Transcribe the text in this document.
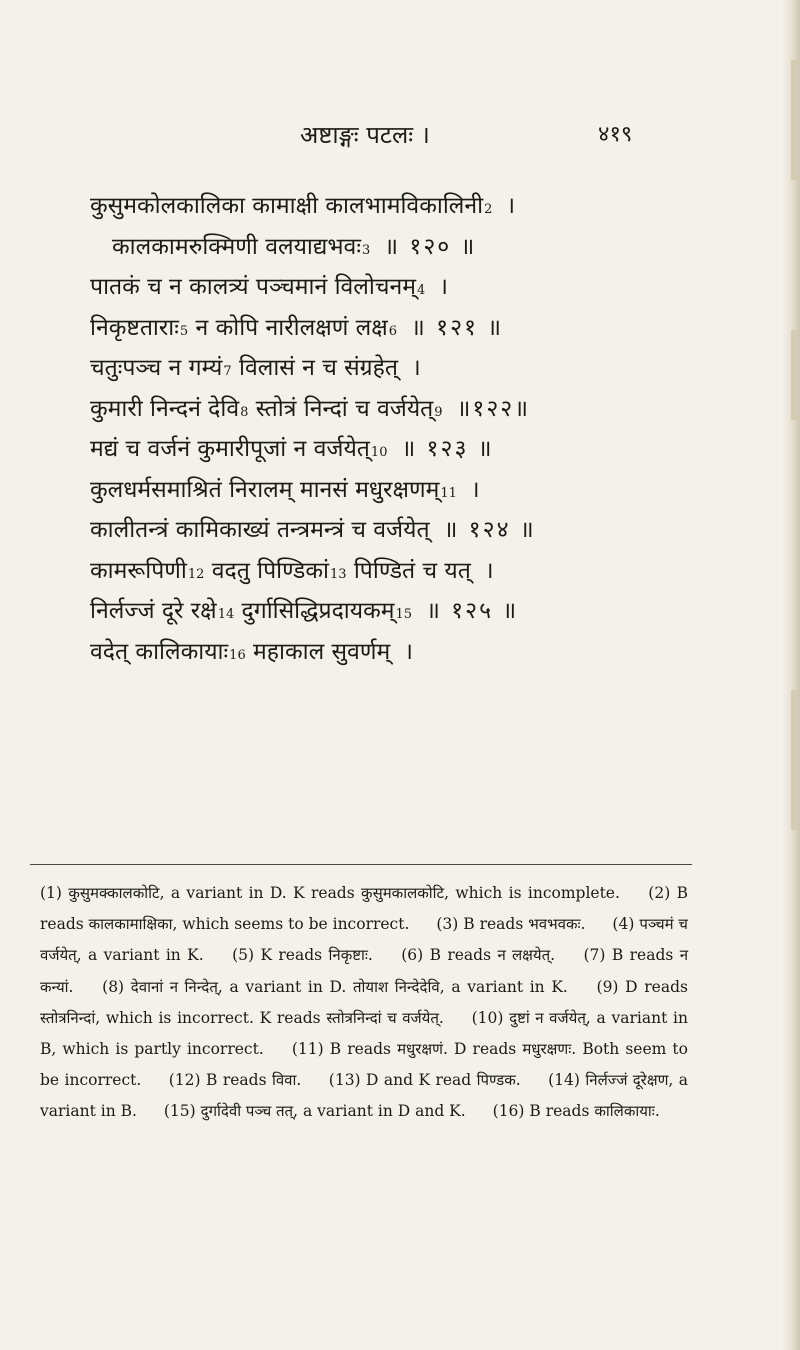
अष्टाङ्गः पटलः ।	४१९
कुसुमकोलकालिका कामाक्षी कालभामविकालिनी 2 ।
कालकामरुक्मिणी वलयाद्यभवः 3 ॥ १२० ॥
पातकं च न कालत्र्यं पञ्चमानं विलोचनम् 4 ।
निकृष्टताराः 5
न कोपि नारीलक्षणं लक्ष 6 ॥ १२१ ॥
चतुःपञ्च न गम्यं 7
विलासं न च संग्रहेत् ।
कुमारी निन्दनं देवि 8
स्तोत्रं निन्दां च वर्जयेत् 9 ॥१२२॥
मद्यं च वर्जनं कुमारीपूजां न वर्जयेत् 10 ॥ १२३ ॥
कुलधर्मसमाश्रितं निरालम् मानसं मधुरक्षणम् 11 ।
कालीतन्त्रं कामिकाख्यं तन्त्रमन्त्रं च वर्जयेत् ॥ १२४ ॥
कामरूपिणी 12
वदतु पिण्डिकां 13
पिण्डितं च यत् ।
निर्लज्जं दूरे रक्षे 14
दुर्गासिद्धिप्रदायकम् 15 ॥ १२५ ॥
वदेत् कालिकायाः 16
महाकाल सुवर्णम् ।
(1) कुसुमक्कालकोटि, a variant in D. K reads कुसुमकालकोटि, which is incomplete. (2) B reads कालकामाक्षिका, which seems to be incorrect. (3) B reads भवभवकः. (4) पञ्चमं च वर्जयेत्, a variant in K. (5) K reads निकृष्टाः. (6) B reads न लक्षयेत्. (7) B reads न कन्यां. (8) देवानां न निन्देत्, a variant in D. तोयाश निन्देदेवि, a variant in K. (9) D reads स्तोत्रनिन्दां, which is incorrect. K reads स्तोत्रनिन्दां च वर्जयेत्. (10) दुष्टां न वर्जयेत्, a variant in B, which is partly incorrect. (11) B reads मधुरक्षणं. D reads मधुरक्षणः. Both seem to be incorrect. (12) B reads विवा. (13) D and K read पिण्डक. (14) निर्लज्जं दूरेक्षण, a variant in B. (15) दुर्गादेवी पञ्च तत्, a variant in D and K. (16) B reads कालिकायाः.
